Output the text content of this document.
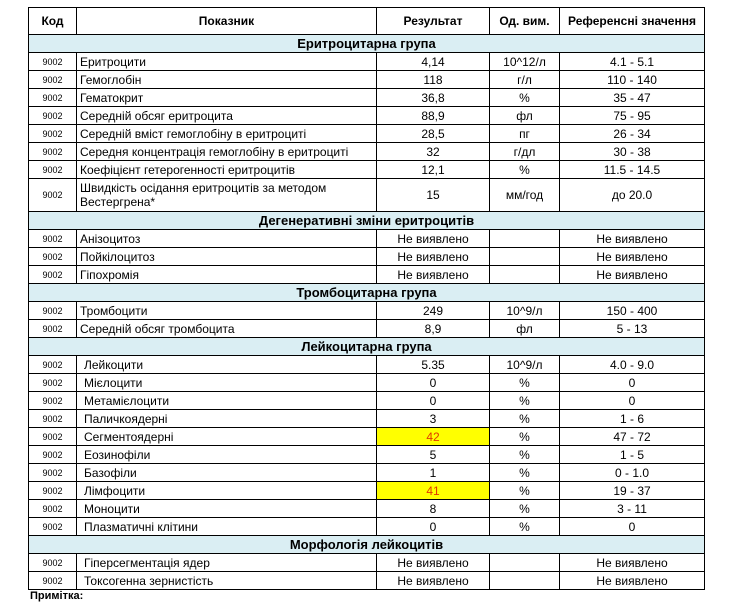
Код	Показник	Результат	Од. вим.	Референсні значення
Еритроцитарна група				
9002	Еритроцити	4,14	10^12/л	4.1 - 5.1
9002	Гемоглобін	118	г/л	110 - 140
9002	Гематокрит	36,8	%	35 - 47
9002	Середній обсяг еритроцита	88,9	фл	75 - 95
9002	Середній вміст гемоглобіну в еритроциті	28,5	пг	26 - 34
9002	Середня концентрація гемоглобіну в еритроциті	32	г/дл	30 - 38
9002	Коефіцієнт гетерогенності еритроцитів	12,1	%	11.5 - 14.5
9002	Швидкість осідання еритроцитів за методом Вестергрена*	15	мм/год	до 20.0
Дегенеративні зміни еритроцитів				
9002	Анізоцитоз	Не виявлено		Не виявлено
9002	Пойкілоцитоз	Не виявлено		Не виявлено
9002	Гіпохромія	Не виявлено		Не виявлено
Тромбоцитарна група				
9002	Тромбоцити	249	10^9/л	150 - 400
9002	Середній обсяг тромбоцита	8,9	фл	5 - 13
Лейкоцитарна група				
9002	Лейкоцити	5.35	10^9/л	4.0 - 9.0
9002	Мієлоцити	0	%	0
9002	Метамієлоцити	0	%	0
9002	Паличкоядерні	3	%	1 - 6
9002	Сегментоядерні	42	%	47 - 72
9002	Еозинофіли	5	%	1 - 5
9002	Базофіли	1	%	0 - 1.0
9002	Лімфоцити	41	%	19 - 37
9002	Моноцити	8	%	3 - 11
9002	Плазматичні клітини	0	%	0
Морфологія лейкоцитів				
9002	Гіперсегментація ядер	Не виявлено		Не виявлено
9002	Токсогенна зернистість	Не виявлено		Не виявлено
Примітка:
